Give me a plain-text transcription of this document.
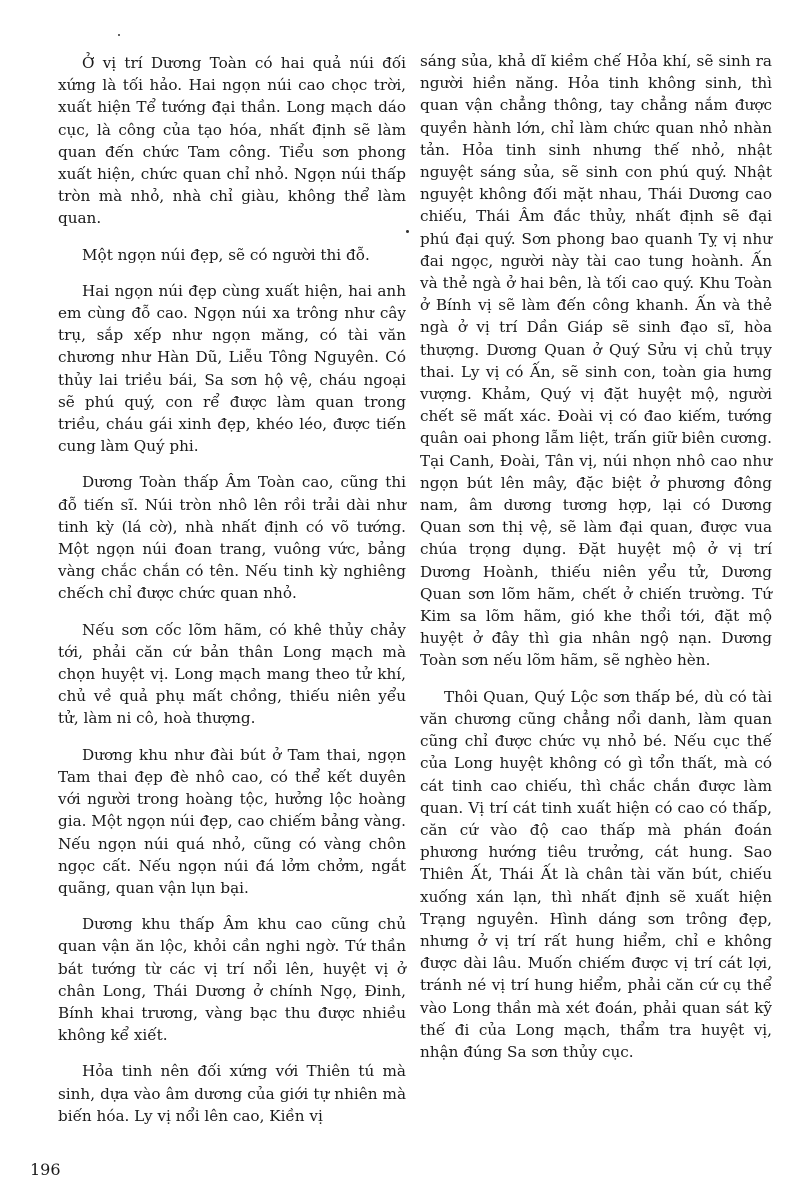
Ở vị trí Dương Toàn có hai quả núi đối xứng là tối hảo. Hai ngọn núi cao chọc trời, xuất hiện Tể tướng đại thần. Long mạch dáo cục, là công của tạo hóa, nhất định sẽ làm quan đến chức Tam công. Tiểu sơn phong xuất hiện, chức quan chỉ nhỏ. Ngọn núi thấp tròn mà nhỏ, nhà chỉ giàu, không thể làm quan.

Một ngọn núi đẹp, sẽ có người thi đỗ.

Hai ngọn núi đẹp cùng xuất hiện, hai anh em cùng đỗ cao. Ngọn núi xa trông như cây trụ, sắp xếp như ngọn măng, có tài văn chương như Hàn Dũ, Liễu Tông Nguyên. Có thủy lai triều bái, Sa sơn hộ vệ, cháu ngoại sẽ phú quý, con rể được làm quan trong triều, cháu gái xinh đẹp, khéo léo, được tiến cung làm Quý phi.

Dương Toàn thấp Âm Toàn cao, cũng thi đỗ tiến sĩ. Núi tròn nhô lên rồi trải dài như tinh kỳ (lá cờ), nhà nhất định có võ tướng. Một ngọn núi đoan trang, vuông vức, bảng vàng chắc chắn có tên. Nếu tinh kỳ nghiêng chếch chỉ được chức quan nhỏ.

Nếu sơn cốc lõm hãm, có khê thủy chảy tới, phải căn cứ bản thân Long mạch mà chọn huyệt vị. Long mạch mang theo tử khí, chủ về quả phụ mất chồng, thiếu niên yểu tử, làm ni cô, hoà thượng.

Dương khu như đài bút ở Tam thai, ngọn Tam thai đẹp đè nhô cao, có thể kết duyên với người trong hoàng tộc, hưởng lộc hoàng gia. Một ngọn núi đẹp, cao chiếm bảng vàng. Nếu ngọn núi quá nhỏ, cũng có vàng chôn ngọc cất. Nếu ngọn núi đá lởm chởm, ngắt quãng, quan vận lụn bại.

Dương khu thấp Âm khu cao cũng chủ quan vận ăn lộc, khỏi cần nghi ngờ. Tứ thần bát tướng từ các vị trí nổi lên, huyệt vị ở chân Long, Thái Dương ở chính Ngọ, Đinh, Bính khai trương, vàng bạc thu được nhiều không kể xiết.

Hỏa tinh nên đối xứng với Thiên tú mà sinh, dựa vào âm dương của giới tự nhiên mà biến hóa. Ly vị nổi lên cao, Kiền vị

sáng sủa, khả dĩ kiềm chế Hỏa khí, sẽ sinh ra người hiền năng. Hỏa tinh không sinh, thì quan vận chẳng thông, tay chẳng nắm được quyền hành lớn, chỉ làm chức quan nhỏ nhàn tản. Hỏa tinh sinh nhưng thế nhỏ, nhật nguyệt sáng sủa, sẽ sinh con phú quý. Nhật nguyệt không đối mặt nhau, Thái Dương cao chiếu, Thái Âm đắc thủy, nhất định sẽ đại phú đại quý. Sơn phong bao quanh Tỵ vị như đai ngọc, người này tài cao tung hoành. Ấn và thẻ ngà ở hai bên, là tối cao quý. Khu Toàn ở Bính vị sẽ làm đến công khanh. Ấn và thẻ ngà ở vị trí Dần Giáp sẽ sinh đạo sĩ, hòa thượng. Dương Quan ở Quý Sửu vị chủ trụy thai. Ly vị có Ấn, sẽ sinh con, toàn gia hưng vượng. Khảm, Quý vị đặt huyệt mộ, người chết sẽ mất xác. Đoài vị có đao kiếm, tướng quân oai phong lẫm liệt, trấn giữ biên cương. Tại Canh, Đoài, Tân vị, núi nhọn nhô cao như ngọn bút lên mây, đặc biệt ở phương đông nam, âm dương tương hợp, lại có Dương Quan sơn thị vệ, sẽ làm đại quan, được vua chúa trọng dụng. Đặt huyệt mộ ở vị trí Dương Hoành, thiếu niên yểu tử, Dương Quan sơn lõm hãm, chết ở chiến trường. Tứ Kim sa lõm hãm, gió khe thổi tới, đặt mộ huyệt ở đây thì gia nhân ngộ nạn. Dương Toàn sơn nếu lõm hãm, sẽ nghèo hèn.

Thôi Quan, Quý Lộc sơn thấp bé, dù có tài văn chương cũng chẳng nổi danh, làm quan cũng chỉ được chức vụ nhỏ bé. Nếu cục thế của Long huyệt không có gì tổn thất, mà có cát tinh cao chiếu, thì chắc chắn được làm quan. Vị trí cát tinh xuất hiện có cao có thấp, căn cứ vào độ cao thấp mà phán đoán phương hướng tiêu trưởng, cát hung. Sao Thiên Ất, Thái Ất là chân tài văn bút, chiếu xuống xán lạn, thì nhất định sẽ xuất hiện Trạng nguyên. Hình dáng sơn trông đẹp, nhưng ở vị trí rất hung hiểm, chỉ e không được dài lâu. Muốn chiếm được vị trí cát lợi, tránh né vị trí hung hiểm, phải căn cứ cụ thể vào Long thần mà xét đoán, phải quan sát kỹ thế đi của Long mạch, thẩm tra huyệt vị, nhận đúng Sa sơn thủy cục.

196
